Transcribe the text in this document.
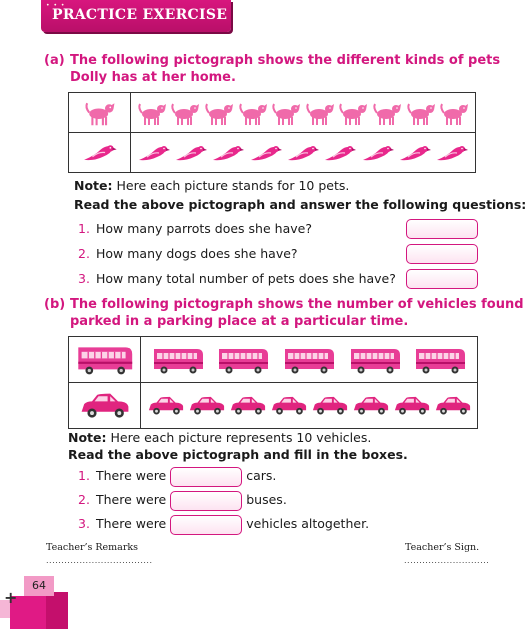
• • •
PRACTICE EXERCISE 64
(a) The following pictograph shows the different kinds of pets
Dolly has at her home.

Note: Here each picture stands for 10 pets.
Read the above pictograph and answer the following questions:
1. How many parrots does she have?
2. How many dogs does she have?
3. How many total number of pets does she have?
(b) The following pictograph shows the number of vehicles found
parked in a parking place at a particular time.

Note: Here each picture represents 10 vehicles.
Read the above pictograph and fill in the boxes.
1. There were	cars.
2. There were	buses.
3. There were	vehicles altogether.
Teacher’s Remarks
...................................
Teacher’s Sign.
............................
+
64
